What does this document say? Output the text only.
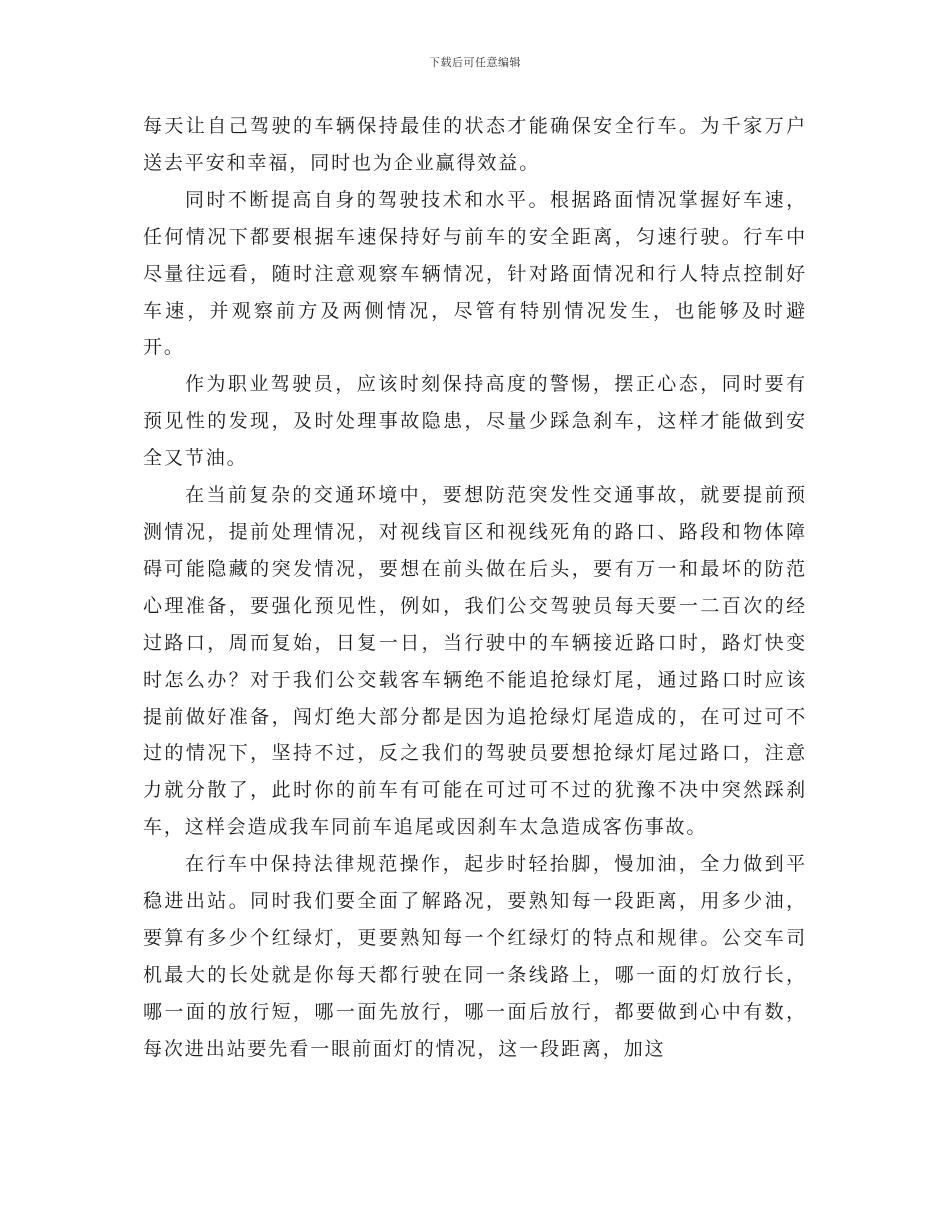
下载后可任意编辑

每天让自己驾驶的车辆保持最佳的状态才能确保安全行车。为千家万户送去平安和幸福，同时也为企业赢得效益。

同时不断提高自身的驾驶技术和水平。根据路面情况掌握好车速，任何情况下都要根据车速保持好与前车的安全距离，匀速行驶。行车中尽量往远看，随时注意观察车辆情况，针对路面情况和行人特点控制好车速，并观察前方及两侧情况，尽管有特别情况发生，也能够及时避开。

作为职业驾驶员，应该时刻保持高度的警惕，摆正心态，同时要有预见性的发现，及时处理事故隐患，尽量少踩急刹车，这样才能做到安全又节油。

在当前复杂的交通环境中，要想防范突发性交通事故，就要提前预测情况，提前处理情况，对视线盲区和视线死角的路口、路段和物体障碍可能隐藏的突发情况，要想在前头做在后头，要有万一和最坏的防范心理准备，要强化预见性，例如，我们公交驾驶员每天要一二百次的经过路口，周而复始，日复一日，当行驶中的车辆接近路口时，路灯快变时怎么办？对于我们公交载客车辆绝不能追抢绿灯尾，通过路口时应该提前做好准备，闯灯绝大部分都是因为追抢绿灯尾造成的，在可过可不过的情况下，坚持不过，反之我们的驾驶员要想抢绿灯尾过路口，注意力就分散了，此时你的前车有可能在可过可不过的犹豫不决中突然踩刹车，这样会造成我车同前车追尾或因刹车太急造成客伤事故。

在行车中保持法律规范操作，起步时轻抬脚，慢加油，全力做到平稳进出站。同时我们要全面了解路况，要熟知每一段距离，用多少油，要算有多少个红绿灯，更要熟知每一个红绿灯的特点和规律。公交车司机最大的长处就是你每天都行驶在同一条线路上，哪一面的灯放行长，哪一面的放行短，哪一面先放行，哪一面后放行，都要做到心中有数，每次进出站要先看一眼前面灯的情况，这一段距离，加这
